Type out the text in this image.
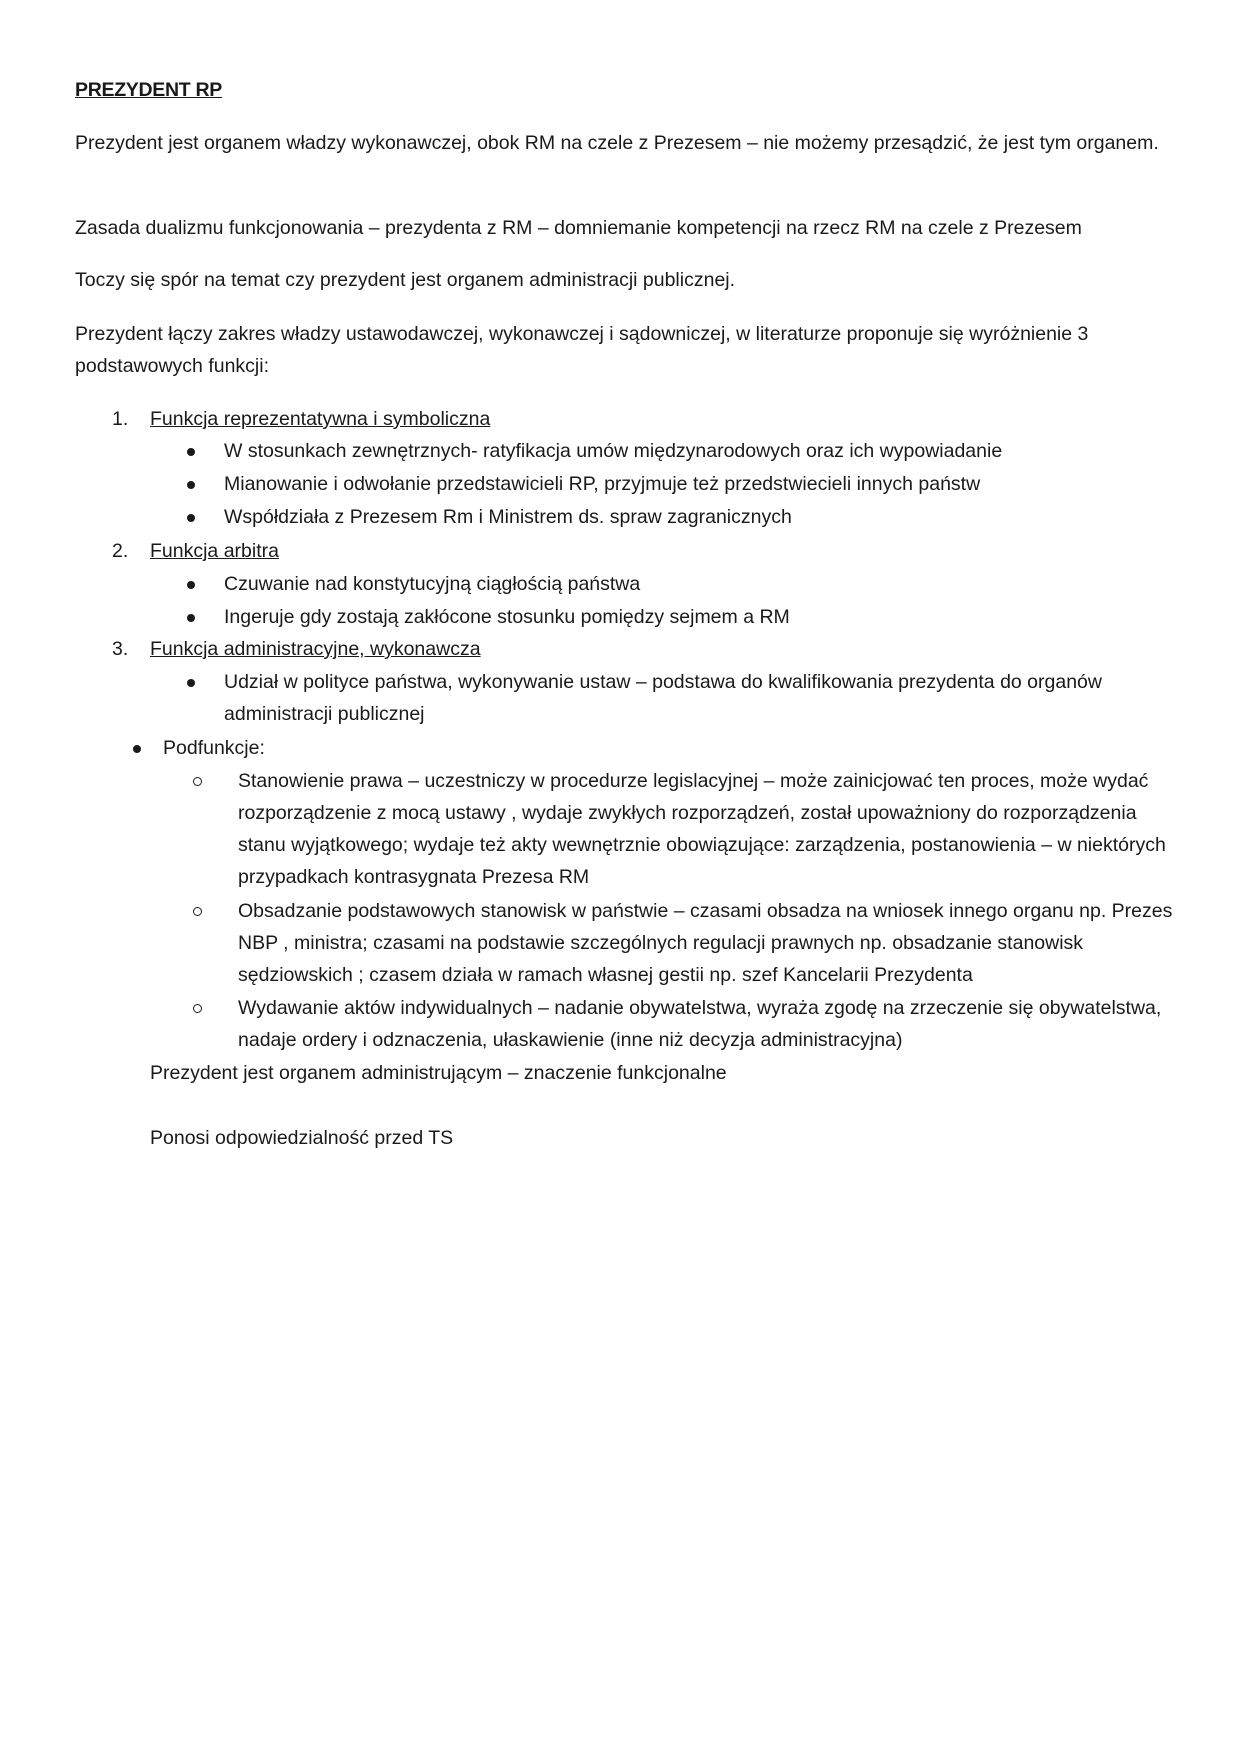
PREZYDENT RP

Prezydent jest organem władzy wykonawczej, obok RM na czele z Prezesem – nie możemy przesądzić, że jest tym organem.

Zasada dualizmu funkcjonowania – prezydenta z RM – domniemanie kompetencji na rzecz RM na czele z Prezesem

Toczy się spór na temat czy prezydent jest organem administracji publicznej.

Prezydent łączy zakres władzy ustawodawczej, wykonawczej i sądowniczej, w literaturze proponuje się wyróżnienie 3 podstawowych funkcji:

1. Funkcja reprezentatywna i symboliczna
W stosunkach zewnętrznych- ratyfikacja umów międzynarodowych oraz ich wypowiadanie
Mianowanie i odwołanie przedstawicieli RP, przyjmuje też przedstwiecieli innych państw
Współdziała z Prezesem Rm i Ministrem ds. spraw zagranicznych
2. Funkcja arbitra
Czuwanie nad konstytucyjną ciągłością państwa
Ingeruje gdy zostają zakłócone stosunku pomiędzy sejmem a RM
3. Funkcja administracyjne, wykonawcza
Udział w polityce państwa, wykonywanie ustaw – podstawa do kwalifikowania prezydenta do organów administracji publicznej
Podfunkcje:
Stanowienie prawa – uczestniczy w procedurze legislacyjnej – może zainicjować ten proces, może wydać rozporządzenie z mocą ustawy , wydaje zwykłych rozporządzeń, został upoważniony do rozporządzenia stanu wyjątkowego; wydaje też akty wewnętrznie obowiązujące: zarządzenia, postanowienia – w niektórych przypadkach kontrasygnata Prezesa RM
Obsadzanie podstawowych stanowisk w państwie – czasami obsadza na wniosek innego organu np. Prezes NBP , ministra; czasami na podstawie szczególnych regulacji prawnych np. obsadzanie stanowisk sędziowskich ; czasem działa w ramach własnej gestii np. szef Kancelarii Prezydenta
Wydawanie aktów indywidualnych – nadanie obywatelstwa, wyraża zgodę na zrzeczenie się obywatelstwa, nadaje ordery i odznaczenia, ułaskawienie (inne niż decyzja administracyjna)
Prezydent jest organem administrującym – znaczenie funkcjonalne
Ponosi odpowiedzialność przed TS
